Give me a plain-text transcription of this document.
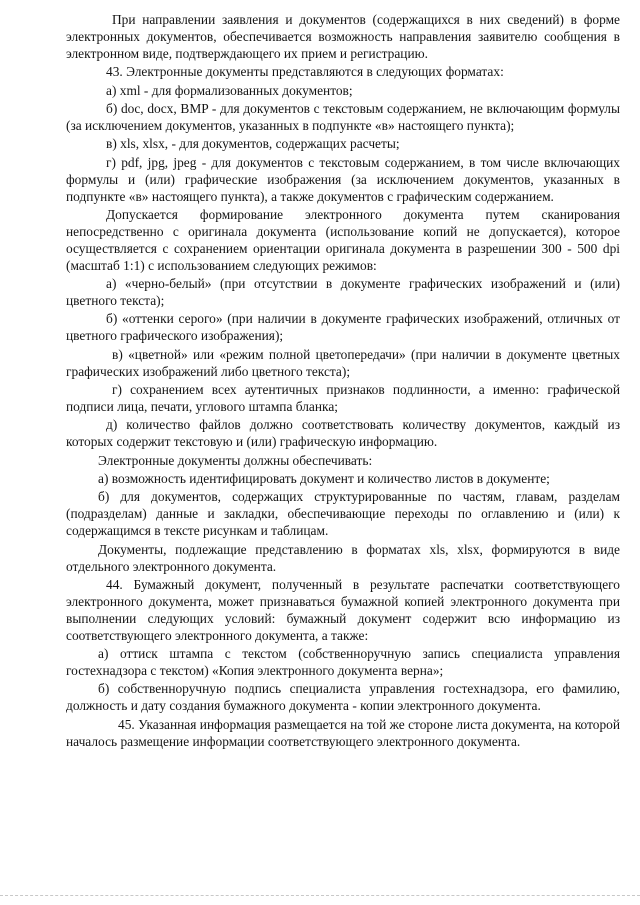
При направлении заявления и документов (содержащихся в них сведений) в форме электронных документов, обеспечивается возможность направления заявителю сообщения в электронном виде, подтверждающего их прием и регистрацию.

43. Электронные документы представляются в следующих форматах:

а) xml - для формализованных документов;

б) doc, docx, BMP - для документов с текстовым содержанием, не включающим формулы (за исключением документов, указанных в подпункте «в» настоящего пункта);

в) xls, xlsx, - для документов, содержащих расчеты;

г) pdf, jpg, jpeg - для документов с текстовым содержанием, в том числе включающих формулы и (или) графические изображения (за исключением документов, указанных в подпункте «в» настоящего пункта), а также документов с графическим содержанием.

Допускается формирование электронного документа путем сканирования непосредственно с оригинала документа (использование копий не допускается), которое осуществляется с сохранением ориентации оригинала документа в разрешении 300 - 500 dpi (масштаб 1:1) с использованием следующих режимов:

а) «черно-белый» (при отсутствии в документе графических изображений и (или) цветного текста);

б) «оттенки серого» (при наличии в документе графических изображений, отличных от цветного графического изображения);

в) «цветной» или «режим полной цветопередачи» (при наличии в документе цветных графических изображений либо цветного текста);

г) сохранением всех аутентичных признаков подлинности, а именно: графической подписи лица, печати, углового штампа бланка;

д) количество файлов должно соответствовать количеству документов, каждый из которых содержит текстовую и (или) графическую информацию.

Электронные документы должны обеспечивать:

а) возможность идентифицировать документ и количество листов в документе;

б) для документов, содержащих структурированные по частям, главам, разделам (подразделам) данные и закладки, обеспечивающие переходы по оглавлению и (или) к содержащимся в тексте рисункам и таблицам.

Документы, подлежащие представлению в форматах xls, xlsx, формируются в виде отдельного электронного документа.

44. Бумажный документ, полученный в результате распечатки соответствующего электронного документа, может признаваться бумажной копией электронного документа при выполнении следующих условий: бумажный документ содержит всю информацию из соответствующего электронного документа, а также:

а) оттиск штампа с текстом (собственноручную запись специалиста управления гостехнадзора с текстом) «Копия электронного документа верна»;

б) собственноручную подпись специалиста управления гостехнадзора, его фамилию, должность и дату создания бумажного документа - копии электронного документа.

45. Указанная информация размещается на той же стороне листа документа, на которой началось размещение информации соответствующего электронного документа.
